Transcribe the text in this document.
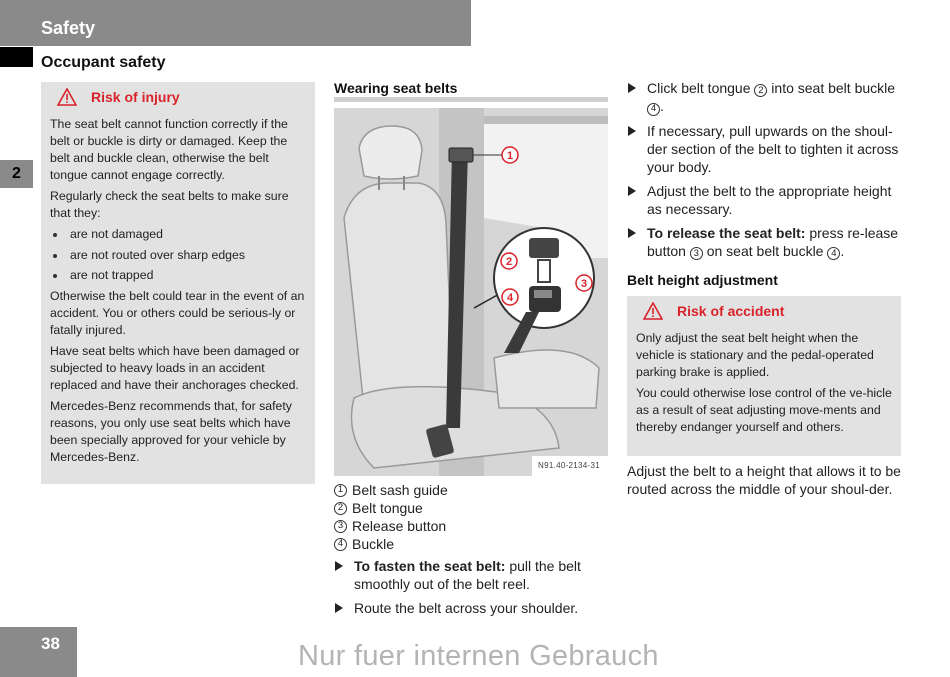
Safety
Occupant safety
2
Risk of injury

The seat belt cannot function correctly if the belt or buckle is dirty or damaged. Keep the belt and buckle clean, otherwise the belt tongue cannot engage correctly.

Regularly check the seat belts to make sure that they:

are not damaged
are not routed over sharp edges
are not trapped

Otherwise the belt could tear in the event of an accident. You or others could be serious-ly or fatally injured.

Have seat belts which have been damaged or subjected to heavy loads in an accident replaced and have their anchorages checked.

Mercedes-Benz recommends that, for safety reasons, you only use seat belts which have been specially approved for your vehicle by Mercedes-Benz.

Wearing seat belts
1
2
3
4
N91.40-2134-31
1 Belt sash guide
2 Belt tongue
3 Release button
4 Buckle
To fasten the seat belt: pull the belt smoothly out of the belt reel.
Route the belt across your shoulder.
Click belt tongue 2 into seat belt buckle 4 .
If necessary, pull upwards on the shoul-der section of the belt to tighten it across your body.
Adjust the belt to the appropriate height as necessary.
To release the seat belt: press re-lease button 3 on seat belt buckle 4 .
Belt height adjustment
Risk of accident

Only adjust the seat belt height when the vehicle is stationary and the pedal-operated parking brake is applied.

You could otherwise lose control of the ve-hicle as a result of seat adjusting move-ments and thereby endanger yourself and others.

Adjust the belt to a height that allows it to be routed across the middle of your shoul-der.
38	Nur fuer internen Gebrauch
